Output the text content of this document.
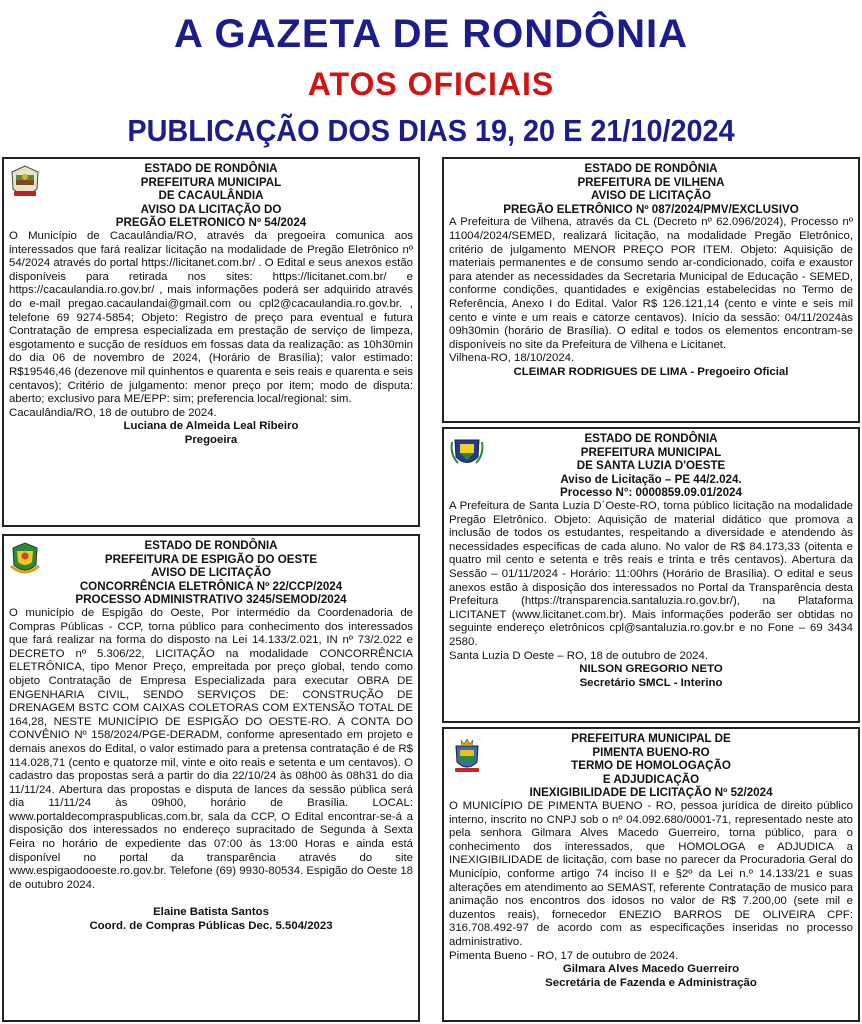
A GAZETA DE RONDÔNIA
ATOS OFICIAIS
PUBLICAÇÃO DOS DIAS 19, 20 E 21/10/2024
ESTADO DE RONDÔNIA
PREFEITURA MUNICIPAL
DE CACAULÂNDIA
AVISO DA LICITAÇÃO DO
PREGÃO ELETRONICO Nº 54/2024
O Município de Cacaulândia/RO, através da pregoeira comunica aos interessados que fará realizar licitação na modalidade de Pregão Eletrônico nº 54/2024 através do portal https://licitanet.com.br/ . O Edital e seus anexos estão disponíveis para retirada nos sites: https://licitanet.com.br/ e https://cacaulandia.ro.gov.br/ , mais informações poderá ser adquirido através do e-mail pregao.cacaulandai@gmail.com ou cpl2@cacaulandia.ro.gov.br. , telefone 69 9274-5854; Objeto: Registro de preço para eventual e futura Contratação de empresa especializada em prestação de serviço de limpeza, esgotamento e sucção de resíduos em fossas data da realização: as 10h30min do dia 06 de novembro de 2024, (Horário de Brasília); valor estimado: R$19546,46 (dezenove mil quinhentos e quarenta e seis reais e quarenta e seis centavos); Critério de julgamento: menor preço por item; modo de disputa: aberto; exclusivo para ME/EPP: sim; preferencia local/regional: sim.
Cacaulândia/RO, 18 de outubro de 2024.
Luciana de Almeida Leal Ribeiro
Pregoeira
ESTADO DE RONDÔNIA
PREFEITURA DE ESPIGÃO DO OESTE
AVISO DE LICITAÇÃO
CONCORRÊNCIA ELETRÔNICA Nº 22/CCP/2024
PROCESSO ADMINISTRATIVO 3245/SEMOD/2024
O município de Espigão do Oeste, Por intermédio da Coordenadoria de Compras Públicas - CCP, torna público para conhecimento dos interessados que fará realizar na forma do disposto na Lei 14.133/2.021, IN nº 73/2.022 e DECRETO nº 5.306/22, LICITAÇÃO na modalidade CONCORRÊNCIA ELETRÔNICA, tipo Menor Preço, empreitada por preço global, tendo como objeto Contratação de Empresa Especializada para executar OBRA DE ENGENHARIA CIVIL, SENDO SERVIÇOS DE: CONSTRUÇÃO DE DRENAGEM BSTC COM CAIXAS COLETORAS COM EXTENSÃO TOTAL DE 164,28, NESTE MUNICÍPIO DE ESPIGÃO DO OESTE-RO. A CONTA DO CONVÊNIO Nº 158/2024/PGE-DERADM, conforme apresentado em projeto e demais anexos do Edital, o valor estimado para a pretensa contratação é de R$ 114.028,71 (cento e quatorze mil, vinte e oito reais e setenta e um centavos). O cadastro das propostas será a partir do dia 22/10/24 às 08h00 às 08h31 do dia 11/11/24. Abertura das propostas e disputa de lances da sessão pública será dia 11/11/24 às 09h00, horário de Brasília. LOCAL: www.portaldecompraspublicas.com.br, sala da CCP, O Edital encontrar-se-á a disposição dos interessados no endereço supracitado de Segunda à Sexta Feira no horário de expediente das 07:00 às 13:00 Horas e ainda está disponível no portal da transparência através do site www.espigaodooeste.ro.gov.br. Telefone (69) 9930-80534. Espigão do Oeste 18 de outubro 2024.
Elaine Batista Santos
Coord. de Compras Públicas Dec. 5.504/2023
ESTADO DE RONDÔNIA
PREFEITURA DE VILHENA
AVISO DE LICITAÇÃO
PREGÃO ELETRÔNICO Nº 087/2024/PMV/EXCLUSIVO
A Prefeitura de Vilhena, através da CL (Decreto nº 62.096/2024), Processo nº 11004/2024/SEMED, realizará licitação, na modalidade Pregão Eletrônico, critério de julgamento MENOR PREÇO POR ITEM. Objeto: Aquisição de materiais permanentes e de consumo sendo ar-condicionado, coifa e exaustor para atender as necessidades da Secretaria Municipal de Educação - SEMED, conforme condições, quantidades e exigências estabelecidas no Termo de Referência, Anexo I do Edital. Valor R$ 126.121,14 (cento e vinte e seis mil cento e vinte e um reais e catorze centavos). Início da sessão: 04/11/2024às 09h30min (horário de Brasília). O edital e todos os elementos encontram-se disponíveis no site da Prefeitura de Vilhena e Licitanet.
Vilhena-RO, 18/10/2024.
CLEIMAR RODRIGUES DE LIMA - Pregoeiro Oficial
ESTADO DE RONDÔNIA
PREFEITURA MUNICIPAL
DE SANTA LUZIA D'OESTE
Aviso de Licitação – PE 44/2.024.
Processo N°: 0000859.09.01/2024
A Prefeitura de Santa Luzia D´Oeste-RO, torna público licitação na modalidade Pregão Eletrônico. Objeto: Aquisição de material didático que promova a inclusão de todos os estudantes, respeitando a diversidade e atendendo às necessidades específicas de cada aluno. No valor de R$ 84.173,33 (oitenta e quatro mil cento e setenta e três reais e trinta e três centavos). Abertura da Sessão – 01/11/2024 - Horário: 11:00hrs (Horário de Brasília). O edital e seus anexos estão à disposição dos interessados no Portal da Transparência desta Prefeitura (https://transparencia.santaluzia.ro.gov.br/), na Plataforma LICITANET (www.licitanet.com.br). Mais informações poderão ser obtidas no seguinte endereço eletrônicos cpl@santaluzia.ro.gov.br e no Fone – 69 3434 2580.
Santa Luzia D Oeste – RO, 18 de outubro de 2024.
NILSON GREGORIO NETO
Secretário SMCL - Interino
PREFEITURA MUNICIPAL DE
PIMENTA BUENO-RO
TERMO DE HOMOLOGAÇÃO
E ADJUDICAÇÃO
INEXIGIBILIDADE DE LICITAÇÃO Nº 52/2024
O MUNICÍPIO DE PIMENTA BUENO - RO, pessoa jurídica de direito público interno, inscrito no CNPJ sob o nº 04.092.680/0001-71, representado neste ato pela senhora Gilmara Alves Macedo Guerreiro, torna público, para o conhecimento dos interessados, que HOMOLOGA e ADJUDICA a INEXIGIBILIDADE de licitação, com base no parecer da Procuradoria Geral do Município, conforme artigo 74 inciso II e §2º da Lei n.º 14.133/21 e suas alterações em atendimento ao SEMAST, referente Contratação de musico para animação nos encontros dos idosos no valor de R$ 7.200,00 (sete mil e duzentos reais), fornecedor ENEZIO BARROS DE OLIVEIRA CPF: 316.708.492-97 de acordo com as especificações inseridas no processo administrativo.
Pimenta Bueno - RO, 17 de outubro de 2024.
Gilmara Alves Macedo Guerreiro
Secretária de Fazenda e Administração
